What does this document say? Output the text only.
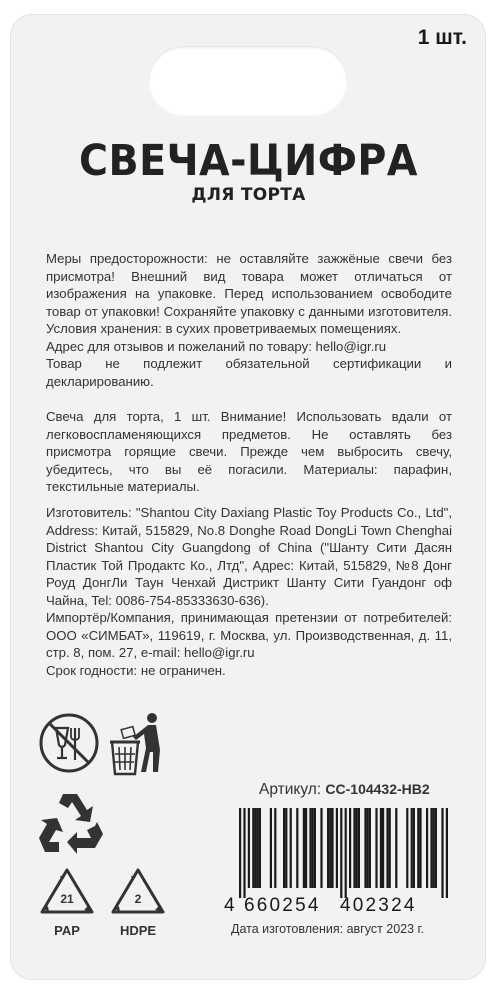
1 шт.
СВЕЧА-ЦИФРА
ДЛЯ ТОРТА

Меры предосторожности: не оставляйте зажжёные свечи без присмотра! Внешний вид товара может отличаться от изображения на упаковке. Перед использованием освободите товар от упаковки! Сохраняйте упаковку с данными изготовителя. Условия хранения: в сухих проветриваемых помещениях.

Адрес для отзывов и пожеланий по товару: hello@igr.ru

Товар не подлежит обязательной сертификации и декларированию.

Свеча для торта, 1 шт. Внимание! Использовать вдали от легковоспламеняющихся предметов. Не оставлять без присмотра горящие свечи. Прежде чем выбросить свечу, убедитесь, что вы её погасили. Материалы: парафин, текстильные материалы.

Изготовитель: "Shantou City Daxiang Plastic Toy Products Co., Ltd", Address: Китай, 515829, No.8 Donghe Road DongLi Town Chenghai District Shantou City Guangdong of China ("Шанту Сити Дасян Пластик Той Продактс Ко., Лтд", Адрес: Китай, 515829, №8 Донг Роуд ДонгЛи Таун Ченхай Дистрикт Шанту Сити Гуандонг оф Чайна, Tel: 0086-754-85333630-636).

Импортёр/Компания, принимающая претензии от потребителей: ООО «СИМБАТ», 119619, г. Москва, ул. Производственная, д. 11, стр. 8, пом. 27, e-mail: hello@igr.ru

Срок годности: не ограничен.

21
PAP
2
HDPE
Артикул: CC-104432-HB2
4 660254 402324
Дата изготовления: август 2023 г.
